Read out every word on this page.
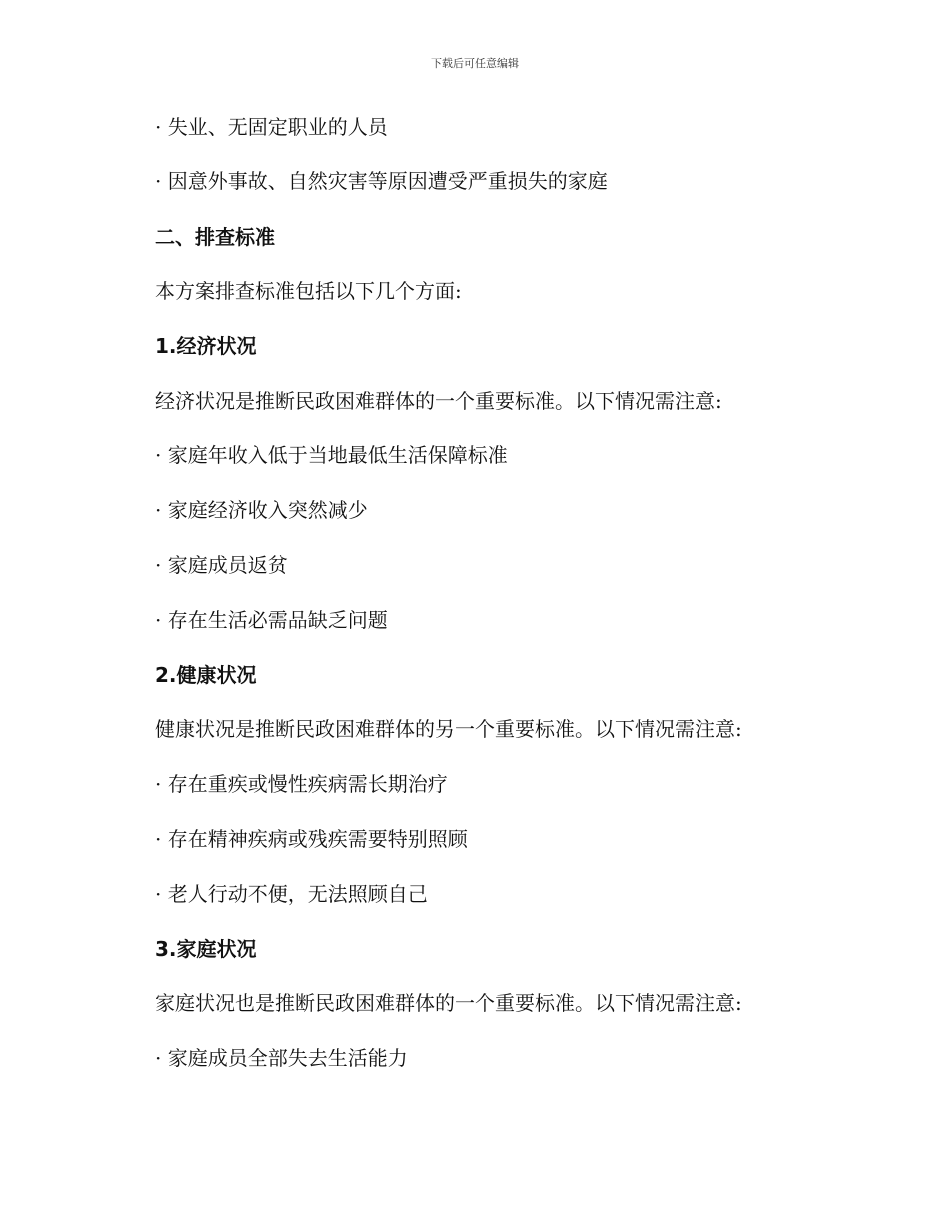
下载后可任意编辑
· 失业、无固定职业的人员
· 因意外事故、自然灾害等原因遭受严重损失的家庭
二、排查标准
本方案排查标准包括以下几个方面:
1.经济状况
经济状况是推断民政困难群体的一个重要标准。以下情况需注意:
· 家庭年收入低于当地最低生活保障标准
· 家庭经济收入突然减少
· 家庭成员返贫
· 存在生活必需品缺乏问题
2.健康状况
健康状况是推断民政困难群体的另一个重要标准。以下情况需注意:
· 存在重疾或慢性疾病需长期治疗
· 存在精神疾病或残疾需要特别照顾
· 老人行动不便，无法照顾自己
3.家庭状况
家庭状况也是推断民政困难群体的一个重要标准。以下情况需注意:
· 家庭成员全部失去生活能力
